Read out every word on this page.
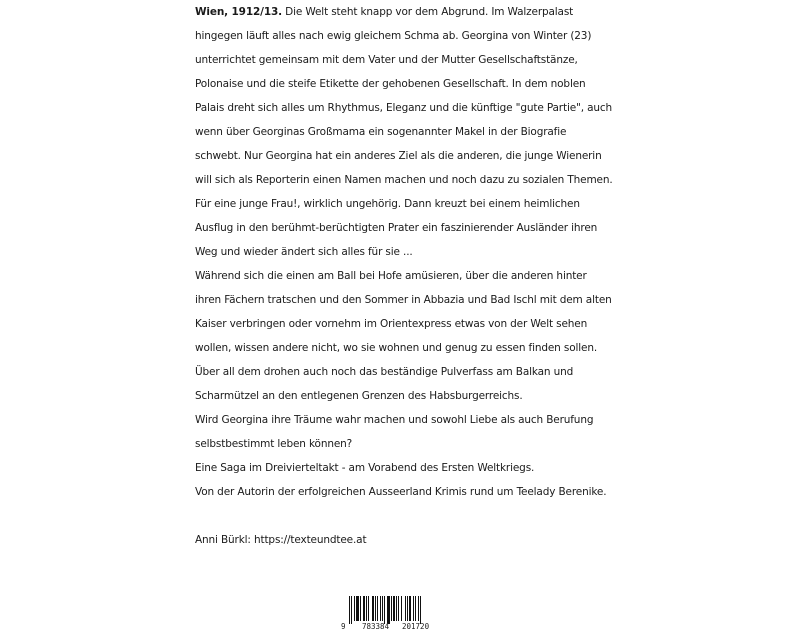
Wien, 1912/13. Die Welt steht knapp vor dem Abgrund. Im Walzerpalast hingegen läuft alles nach ewig gleichem Schma ab. Georgina von Winter (23) unterrichtet gemeinsam mit dem Vater und der Mutter Gesellschaftstänze, Polonaise und die steife Etikette der gehobenen Gesellschaft. In dem noblen Palais dreht sich alles um Rhythmus, Eleganz und die künftige "gute Partie", auch wenn über Georginas Großmama ein sogenannter Makel in der Biografie schwebt. Nur Georgina hat ein anderes Ziel als die anderen, die junge Wienerin will sich als Reporterin einen Namen machen und noch dazu zu sozialen Themen. Für eine junge Frau!, wirklich ungehörig. Dann kreuzt bei einem heimlichen Ausflug in den berühmt-berüchtigten Prater ein faszinierender Ausländer ihren Weg und wieder ändert sich alles für sie ...

Während sich die einen am Ball bei Hofe amüsieren, über die anderen hinter ihren Fächern tratschen und den Sommer in Abbazia und Bad Ischl mit dem alten Kaiser verbringen oder vornehm im Orientexpress etwas von der Welt sehen wollen, wissen andere nicht, wo sie wohnen und genug zu essen finden sollen. Über all dem drohen auch noch das beständige Pulverfass am Balkan und Scharmützel an den entlegenen Grenzen des Habsburgerreichs.

Wird Georgina ihre Träume wahr machen und sowohl Liebe als auch Berufung selbstbestimmt leben können?

Eine Saga im Dreivierteltakt - am Vorabend des Ersten Weltkriegs.

Von der Autorin der erfolgreichen Ausseerland Krimis rund um Teelady Berenike.

Anni Bürkl: https://texteundtee.at

9 783384 201720
